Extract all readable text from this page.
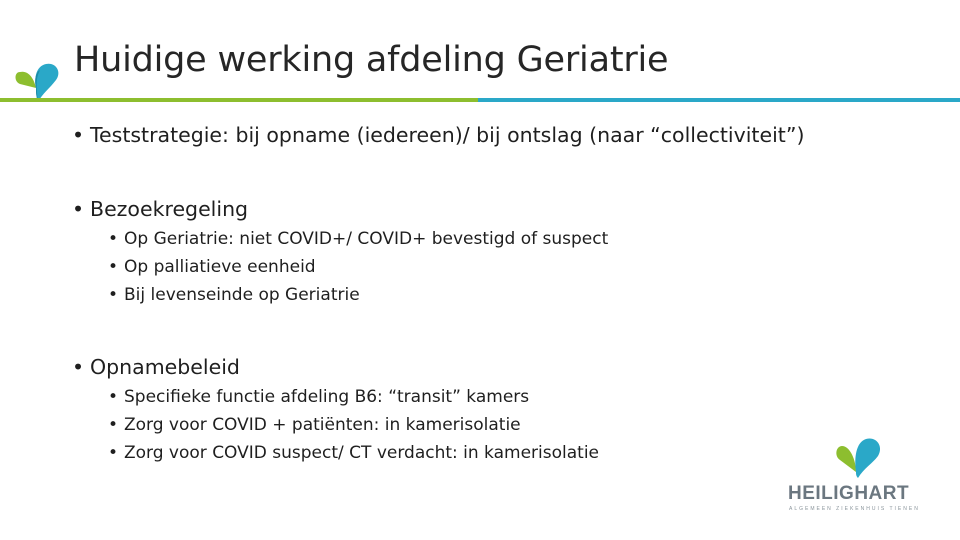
Huidige werking afdeling Geriatrie
• Teststrategie: bij opname (iedereen)/ bij ontslag (naar “collectiviteit”)
• Bezoekregeling
• Op Geriatrie: niet COVID+/ COVID+ bevestigd of suspect
• Op palliatieve eenheid
• Bij levenseinde op Geriatrie
• Opnamebeleid
• Specifieke functie afdeling B6: “transit” kamers
• Zorg voor COVID + patiënten: in kamerisolatie
• Zorg voor COVID suspect/ CT verdacht: in kamerisolatie
HEILIGHART
ALGEMEEN ZIEKENHUIS TIENEN
